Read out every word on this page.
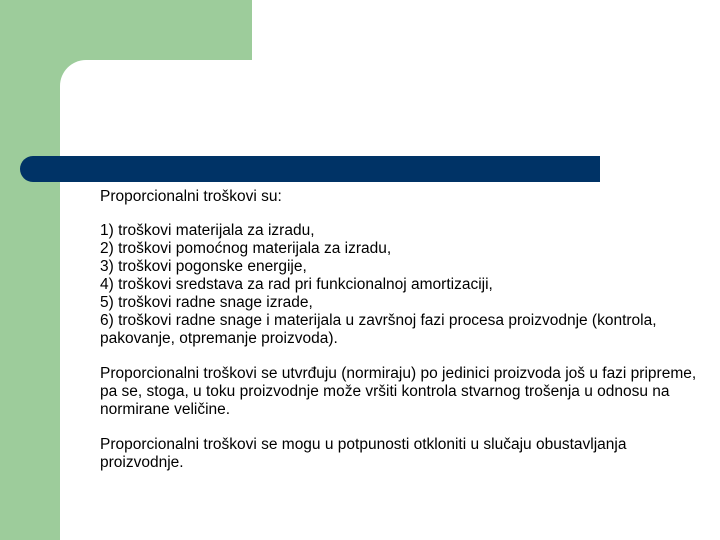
Proporcionalni troškovi su:

1) troškovi materijala za izradu,
2) troškovi pomoćnog materijala za izradu,
3) troškovi pogonske energije,
4) troškovi sredstava za rad pri funkcionalnoj amortizaciji,
5) troškovi radne snage izrade,
6) troškovi radne snage i materijala u završnoj fazi procesa proizvodnje (kontrola, pakovanje, otpremanje proizvoda).

Proporcionalni troškovi se utvrđuju (normiraju) po jedinici proizvoda još u fazi pripreme, pa se, stoga, u toku proizvodnje može vršiti kontrola stvarnog trošenja u odnosu na normirane veličine.

Proporcionalni troškovi se mogu u potpunosti otkloniti u slučaju obustavljanja proizvodnje.
